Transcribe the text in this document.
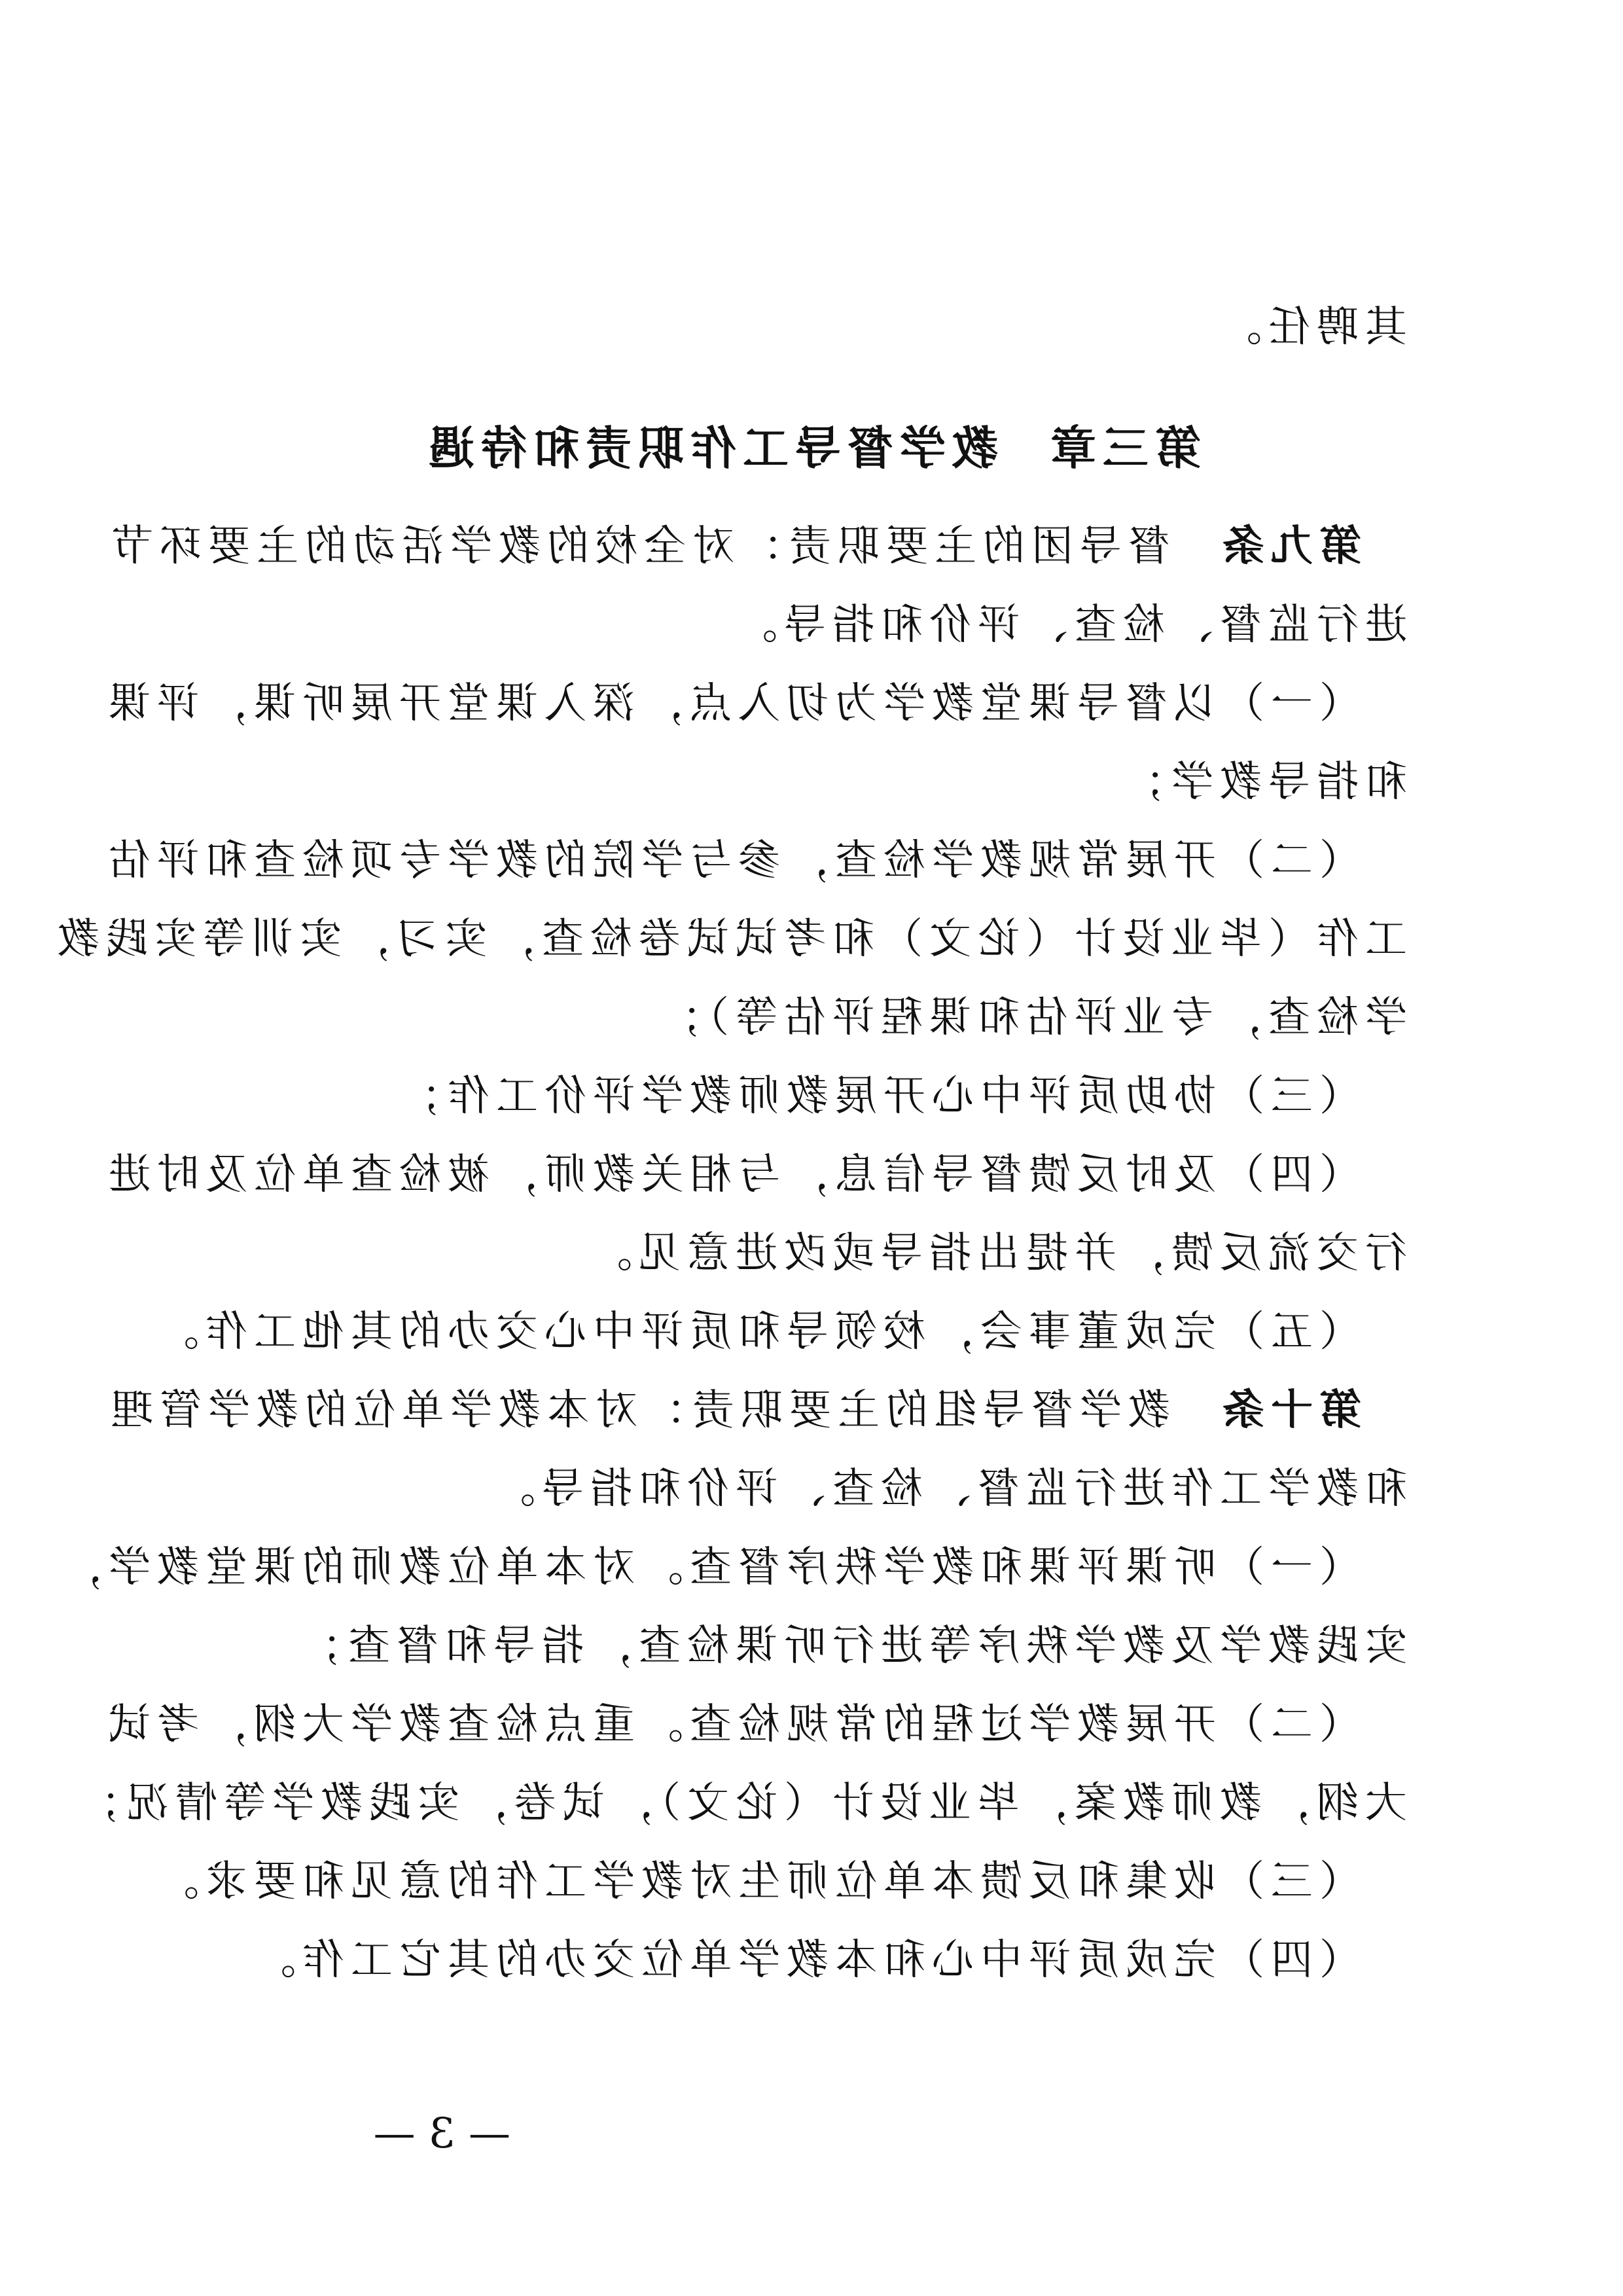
其聘任。
第三章教学督导工作职责和待遇
第九条督导团的主要职责：对全校的教学活动的主要环节
进行监督、检查、评价和指导。
（一）以督导课堂教学为切入点，深入课堂开展听课，评课
和指导教学；
（二）开展常规教学检查，参与学院的教学专项检查和评估
工作（毕业设计（论文）和考试试卷检查，实习，实训等实践教
学检查，专业评估和课程评估等）；
（三）协助质评中心开展教师教学评价工作；
（四）及时反馈督导信息，与相关教师，被检查单位及时进
行交流反馈，并提出指导或改进意见。
（五）完成董事会，校领导和质评中心交办的其他工作。
第十条教学督导组的主要职责：对本教学单位的教学管理
和教学工作进行监督、检查、评价和指导。
（一）听课评课和教学秩序督查。对本单位教师的课堂教学，
实践教学及教学秩序等进行听课检查，指导和督查；
（二）开展教学过程的常规检查。重点检查教学大纲，考试
大纲，教师教案，毕业设计（论文），试卷，实践教学等情况；
（三）收集和反馈本单位师生对教学工作的意见和要求。
（四）完成质评中心和本教学单位交办的其它工作。
— 3 —
